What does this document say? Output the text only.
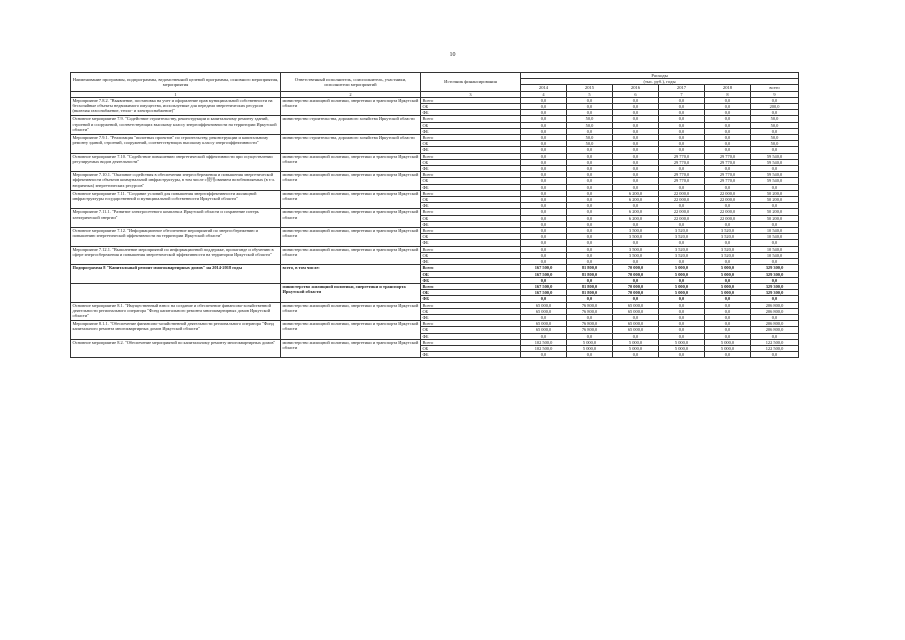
10
Наименование программы, подпрограммы, ведомственной целевой программы, основного мероприятия, мероприятия	Ответственный исполнитель, соисполнитель, участники, исполнители мероприятий	Источник финансирования	Расходы					
			(тыс. руб.), годы					
			2014	2015	2016	2017	2018	всего
1	2	3	4	5	6	7	8	9
Мероприятие 7.8.2. "Выявление, постановка на учет и оформление прав муниципальной собственности на бесхозяйные объекты недвижимого имущества, используемые для передачи энергетических ресурсов (включая газоснабжение, тепло- и электроснабжение)"	министерство жилищной политики, энергетики и транспорта Иркутской области	Всего	0,0	0,0	0,0	0,0	0,0	0,0
		ОБ	0,0	0,0	0,0	0,0	0,0	200,0
		ФБ	0,0	0,0	0,0	0,0	0,0	0,0
Основное мероприятие 7.9. "Содействие строительству, реконструкции и капитальному ремонту зданий, строений и сооружений, соответствующих высокому классу энергоэффективности на территории Иркутской области"	министерство строительства, дорожного хозяйства Иркутской области	Всего	0,0	50,0	0,0	0,0	0,0	50,0
		ОБ	0,0	50,0	0,0	0,0	0,0	50,0
		ФБ	0,0	0,0	0,0	0,0	0,0	0,0
Мероприятие 7.9.1. "Реализация "пилотных проектов" по строительству, реконструкции и капитальному ремонту зданий, строений, сооружений, соответствующих высокому классу энергоэффективности"	министерство строительства, дорожного хозяйства Иркутской области	Всего	0,0	50,0	0,0	0,0	0,0	50,0
		ОБ	0,0	50,0	0,0	0,0	0,0	50,0
		ФБ	0,0	0,0	0,0	0,0	0,0	0,0
Основное мероприятие 7.10. "Содействие повышению энергетической эффективности при осуществлении регулируемых видов деятельности"	министерство жилищной политики, энергетики и транспорта Иркутской области	Всего	0,0	0,0	0,0	29 770,0	29 770,0	59 540,0
		ОБ	0,0	0,0	0,0	29 770,0	29 770,0	59 540,0
		ФБ	0,0	0,0	0,0	0,0	0,0	0,0
Мероприятие 7.10.1. "Оказание содействия в обеспечении энергосбережения и повышения энергетической эффективности объектов коммунальной инфраструктуры, в том числе с使用ованием возобновляемых (в т.ч. вторичных) энергетических ресурсов"	министерство жилищной политики, энергетики и транспорта Иркутской области	Всего	0,0	0,0	0,0	29 770,0	29 770,0	59 540,0
		ОБ	0,0	0,0	0,0	29 770,0	29 770,0	59 540,0
		ФБ	0,0	0,0	0,0	0,0	0,0	0,0
Основное мероприятие 7.11. "Создание условий для повышения энергоэффективности жилищной инфраструктуры государственной и муниципальной собственности Иркутской области"	министерство жилищной политики, энергетики и транспорта Иркутской области	Всего	0,0	0,0	6 200,0	22 000,0	22 000,0	50 200,0
		ОБ	0,0	0,0	6 200,0	22 000,0	22 000,0	50 200,0
		ФБ	0,0	0,0	0,0	0,0	0,0	0,0
Мероприятие 7.11.1. "Развитие электросетевого комплекса Иркутской области и сохранение потерь электрической энергии"	министерство жилищной политики, энергетики и транспорта Иркутской области	Всего	0,0	0,0	6 200,0	22 000,0	22 000,0	50 200,0
		ОБ	0,0	0,0	6 200,0	22 000,0	22 000,0	50 200,0
		ФБ	0,0	0,0	0,0	0,0	0,0	0,0
Основное мероприятие 7.12. "Информационное обеспечение мероприятий по энергосбережению и повышению энергетической эффективности на территории Иркутской области"	министерство жилищной политики, энергетики и транспорта Иркутской области	Всего	0,0	0,0	3 500,0	3 520,0	3 520,0	10 540,0
		ОБ	0,0	0,0	3 500,0	3 520,0	3 520,0	10 540,0
		ФБ	0,0	0,0	0,0	0,0	0,0	0,0
Мероприятие 7.12.1. "Выполнение мероприятий по информационной поддержке, пропаганде и обучению в сфере энергосбережения и повышения энергетической эффективности на территории Иркутской области"	министерство жилищной политики, энергетики и транспорта Иркутской области	Всего	0,0	0,0	3 500,0	3 520,0	3 520,0	10 540,0
		ОБ	0,0	0,0	3 500,0	3 520,0	3 520,0	10 540,0
		ФБ	0,0	0,0	0,0	0,0	0,0	0,0
Подпрограмма 8 "Капитальный ремонт многоквартирных домов" на 2014-2018 годы	всего, в том числе:	Всего	167 500,0	81 800,0	70 000,0	5 000,0	5 000,0	329 300,0
		ОБ	167 500,0	81 800,0	70 000,0	5 000,0	5 000,0	329 300,0
		ФБ	0,0	0,0	0,0	0,0	0,0	0,0
	министерство жилищной политики, энергетики и транспорта Иркутской области	Всего	167 500,0	81 800,0	70 000,0	5 000,0	5 000,0	329 300,0
		ОБ	167 500,0	81 800,0	70 000,0	5 000,0	5 000,0	329 300,0
		ФБ	0,0	0,0	0,0	0,0	0,0	0,0
Основное мероприятие 8.1. "Имущественный взнос на создание и обеспечение финансово-хозяйственной деятельности регионального оператора "Фонд капитального ремонта многоквартирных домов Иркутской области"	министерство жилищной политики, энергетики и транспорта Иркутской области	Всего	65 000,0	76 800,0	65 000,0	0,0	0,0	206 800,0
		ОБ	65 000,0	76 800,0	65 000,0	0,0	0,0	206 800,0
		ФБ	0,0	0,0	0,0	0,0	0,0	0,0
Мероприятие 8.1.1. "Обеспечение финансово-хозяйственной деятельности регионального оператора "Фонд капитального ремонта многоквартирных домов Иркутской области"	министерство жилищной политики, энергетики и транспорта Иркутской области	Всего	65 000,0	76 800,0	65 000,0	0,0	0,0	206 800,0
		ОБ	65 000,0	76 800,0	65 000,0	0,0	0,0	206 800,0
		ФБ	0,0	0,0	0,0	0,0	0,0	0,0
Основное мероприятие 8.2. "Обеспечение мероприятий по капитальному ремонту многоквартирных домов"	министерство жилищной политики, энергетики и транспорта Иркутской области	Всего	102 500,0	5 000,0	5 000,0	5 000,0	5 000,0	122 500,0
		ОБ	102 500,0	5 000,0	5 000,0	5 000,0	5 000,0	122 500,0
		ФБ	0,0	0,0	0,0	0,0	0,0	0,0
